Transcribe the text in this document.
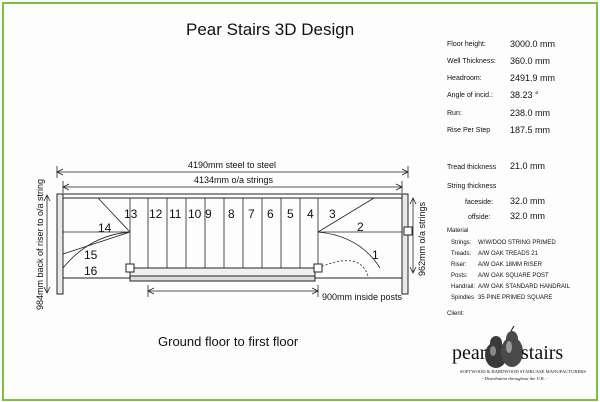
Pear Stairs 3D Design
Floor height:	3000.0 mm
Well Thickness: 360.0 mm
Headroom:	2491.9 mm
Angle of incid.: 38.23 °
Run:	238.0 mm
Rise Per Step 187.5 mm
Tread thickness 21.0 mm
String thickness
faceside: 32.0 mm
offside: 32.0 mm
Material
Strings: W/W/DOO STRING PRIMED
Treads: A/W OAK TREADS 21
Riser: A/W OAK 18MM RISER
Posts: A/W OAK SQUARE POST
Handrail: A/W OAK STANDARD HANDRAIL
Spindles 35 PINE PRIMED SQUARE
Client:
1
2
3
4
5
6
7
8
9
10
11
12
13
14
15
16
4190mm steel to steel
4134mm o/a strings
900mm inside posts
984mm back of riser to o/a string	962mm o/a strings
Ground floor to first floor
pear stairs
SOFTWOOD & HARDWOOD STAIRCASE MANUFACTURERS
- Distribution throughout the U.K. -
